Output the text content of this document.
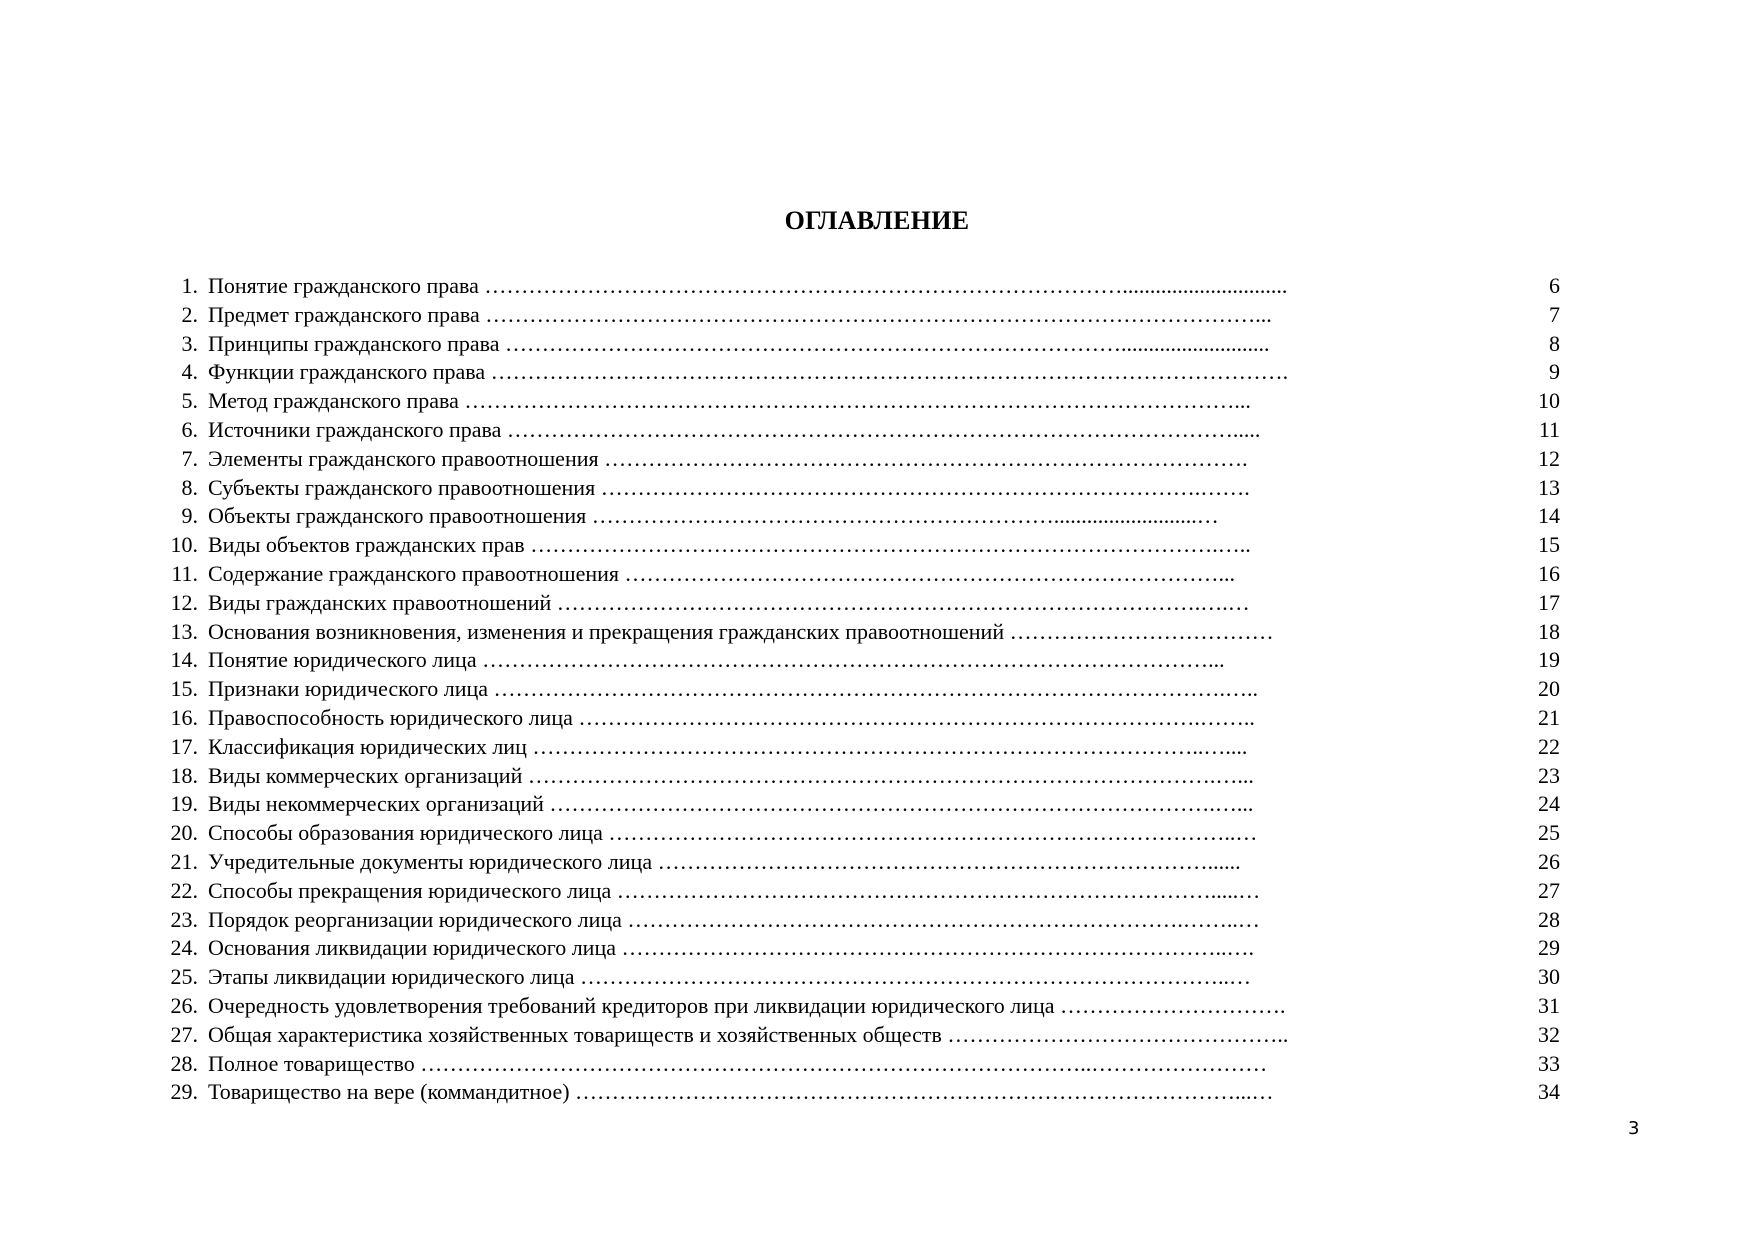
ОГЛАВЛЕНИЕ
1. Понятие гражданского права ……………………………………………………………………………..............................	6
2. Предмет гражданского права ……………………………………………………………………………………………...	7
3. Принципы гражданского права …………………………………………………………………………...........................	8
4. Функции гражданского права ……………………………………………………………………………………………….	9
5. Метод гражданского права ……………………………………………………………………………………………...	10
6. Источники гражданского права ……………………………………………………………………………………….....	11
7. Элементы гражданского правоотношения …………………………………………………………………………….	12
8. Субъекты гражданского правоотношения ……………………………………………………………………….…….	13
9. Объекты гражданского правоотношения ………………………………………………………..........................…	14
10. Виды объектов гражданских прав ………………………………………………………………………………….…..	15
11. Содержание гражданского правоотношения ………………………………………………………………………...	16
12. Виды гражданских правоотношений …………………………………………………………………………….….…	17
13. Основания возникновения, изменения и прекращения гражданских правоотношений ………………………………	18
14. Понятие юридического лица ………………………………………………………………………………………...	19
15. Признаки юридического лица ……………………………………………………………………………………….…..	20
16. Правоспособность юридического лица ………………………………………………………………………….……..	21
17. Классификация юридических лиц ………………………………………………………………………………..…....	22
18. Виды коммерческих организаций ………………………………………………………………………………….…...	23
19. Виды некоммерческих организаций ……………………………………………………………………………….…...	24
20. Способы образования юридического лица …………………………………………………………………………..…	25
21. Учредительные документы юридического лица …………………………………………………………………......	26
22. Способы прекращения юридического лица ……………………………………………………………………….....…	27
23. Порядок реорганизации юридического лица ………………………………………………………………….……..…	28
24. Основания ликвидации юридического лица ………………………………………………………………………..….	29
25. Этапы ликвидации юридического лица ……………………………………………………………………………..…	30
26. Очередность удовлетворения требований кредиторов при ликвидации юридического лица ………………………….	31
27. Общая характеристика хозяйственных товариществ и хозяйственных обществ ………………………………………..	32
28. Полное товарищество ………………………………………………………………………………..……………………	33
29. Товарищество на вере (коммандитное) ………………………………………………………………………………...…	34
3
